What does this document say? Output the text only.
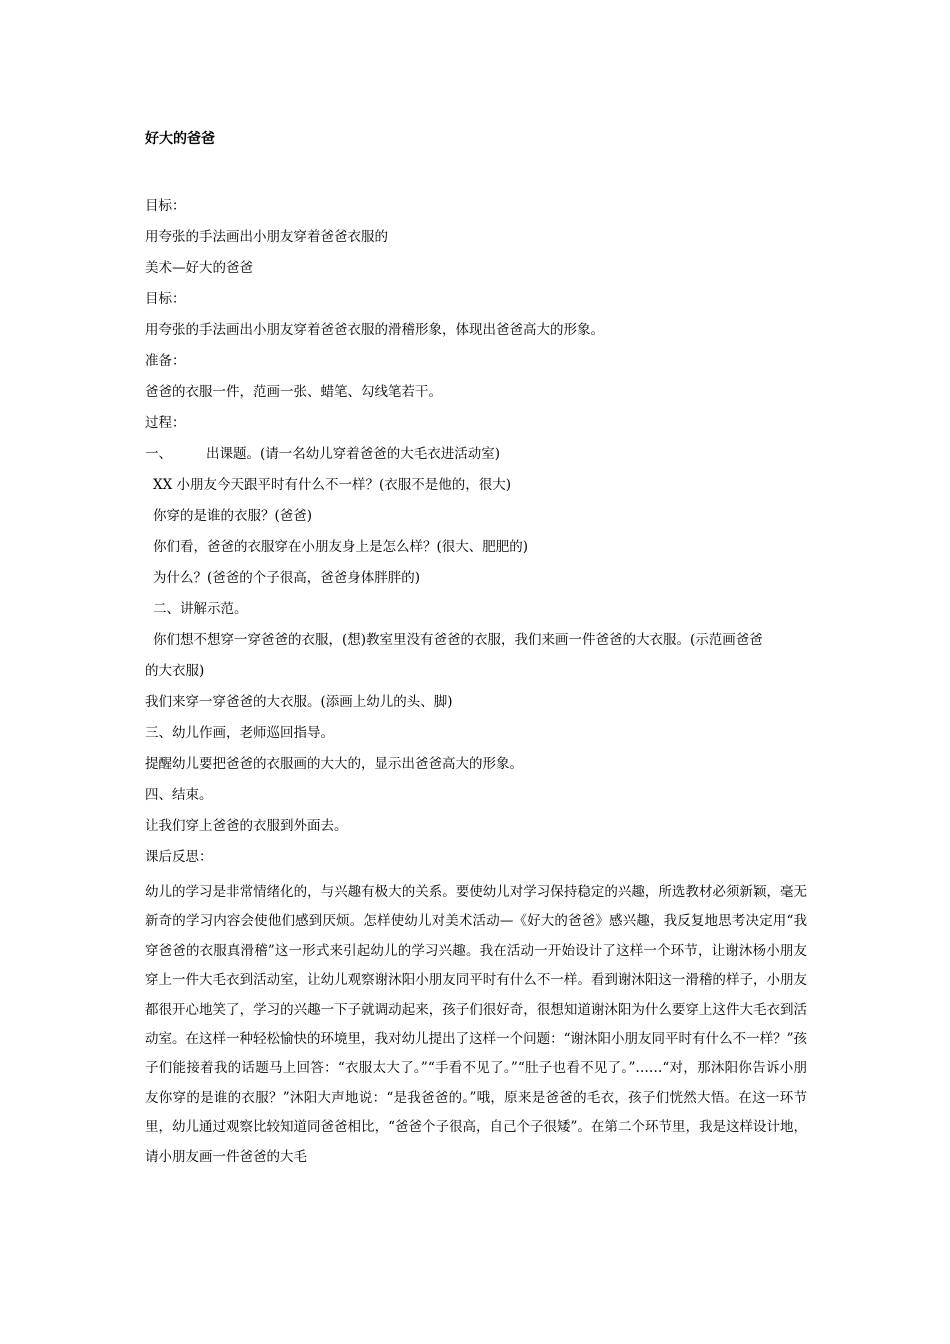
好大的爸爸
目标：
用夸张的手法画出小朋友穿着爸爸衣服的
美术—好大的爸爸
目标：
用夸张的手法画出小朋友穿着爸爸衣服的滑稽形象，体现出爸爸高大的形象。
准备：
爸爸的衣服一件，范画一张、蜡笔、勾线笔若干。
过程：
一、	出课题。(请一名幼儿穿着爸爸的大毛衣进活动室)
XX 小朋友今天跟平时有什么不一样？(衣服不是他的，很大)
你穿的是谁的衣服？(爸爸)
你们看，爸爸的衣服穿在小朋友身上是怎么样？(很大、肥肥的)
为什么？(爸爸的个子很高，爸爸身体胖胖的)
二、讲解示范。
你们想不想穿一穿爸爸的衣服，(想)教室里没有爸爸的衣服，我们来画一件爸爸的大衣服。(示范画爸爸
的大衣服)
我们来穿一穿爸爸的大衣服。(添画上幼儿的头、脚)
三、幼儿作画，老师巡回指导。
提醒幼儿要把爸爸的衣服画的大大的，显示出爸爸高大的形象。
四、结束。
让我们穿上爸爸的衣服到外面去。
课后反思：
幼儿的学习是非常情绪化的，与兴趣有极大的关系。要使幼儿对学习保持稳定的兴趣，所选教材必须新颖，毫无新奇的学习内容会使他们感到厌烦。怎样使幼儿对美术活动—《好大的爸爸》感兴趣，我反复地思考决定用“我穿爸爸的衣服真滑稽”这一形式来引起幼儿的学习兴趣。我在活动一开始设计了这样一个环节，让谢沐杨小朋友穿上一件大毛衣到活动室，让幼儿观察谢沐阳小朋友同平时有什么不一样。看到谢沐阳这一滑稽的样子，小朋友都很开心地笑了，学习的兴趣一下子就调动起来，孩子们很好奇，很想知道谢沐阳为什么要穿上这件大毛衣到活动室。在这样一种轻松愉快的环境里，我对幼儿提出了这样一个问题：“谢沐阳小朋友同平时有什么不一样？”孩子们能接着我的话题马上回答：“衣服太大了。”“手看不见了。”“肚子也看不见了。”……“对，那沐阳你告诉小朋友你穿的是谁的衣服？”沐阳大声地说：“是我爸爸的。”哦，原来是爸爸的毛衣，孩子们恍然大悟。在这一环节里，幼儿通过观察比较知道同爸爸相比，“爸爸个子很高，自己个子很矮”。在第二个环节里，我是这样设计地，请小朋友画一件爸爸的大毛
